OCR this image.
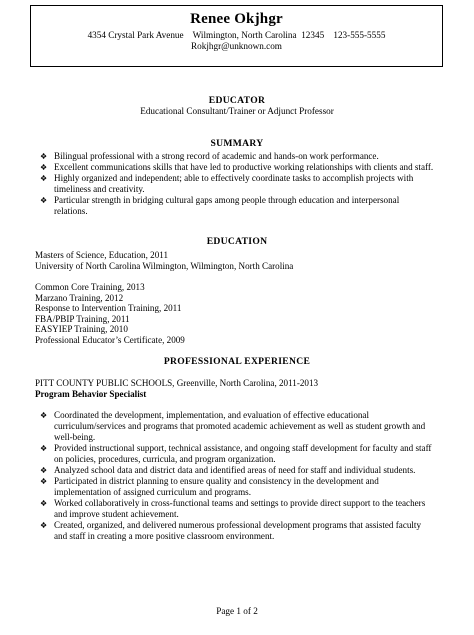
Renee Okjhgr
4354 Crystal Park Avenue    Wilmington, North Carolina  12345    123-555-5555
Rokjhgr@unknown.com
EDUCATOR
Educational Consultant/Trainer or Adjunct Professor
SUMMARY
❖ Bilingual professional with a strong record of academic and hands-on work performance.
❖ Excellent communications skills that have led to productive working relationships with clients and staff.
❖ Highly organized and independent; able to effectively coordinate tasks to accomplish projects with timeliness and creativity.
❖ Particular strength in bridging cultural gaps among people through education and interpersonal relations.
EDUCATION
Masters of Science, Education, 2011
University of North Carolina Wilmington, Wilmington, North Carolina
Common Core Training, 2013
Marzano Training, 2012
Response to Intervention Training, 2011
FBA/PBIP Training, 2011
EASYIEP Training, 2010
Professional Educator’s Certificate, 2009
PROFESSIONAL EXPERIENCE
PITT COUNTY PUBLIC SCHOOLS, Greenville, North Carolina, 2011-2013
Program Behavior Specialist
❖ Coordinated the development, implementation, and evaluation of effective educational curriculum/services and programs that promoted academic achievement as well as student growth and well-being.
❖ Provided instructional support, technical assistance, and ongoing staff development for faculty and staff on policies, procedures, curricula, and program organization.
❖ Analyzed school data and district data and identified areas of need for staff and individual students.
❖ Participated in district planning to ensure quality and consistency in the development and implementation of assigned curriculum and programs.
❖ Worked collaboratively in cross-functional teams and settings to provide direct support to the teachers and improve student achievement.
❖ Created, organized, and delivered numerous professional development programs that assisted faculty and staff in creating a more positive classroom environment.
Page 1 of 2
